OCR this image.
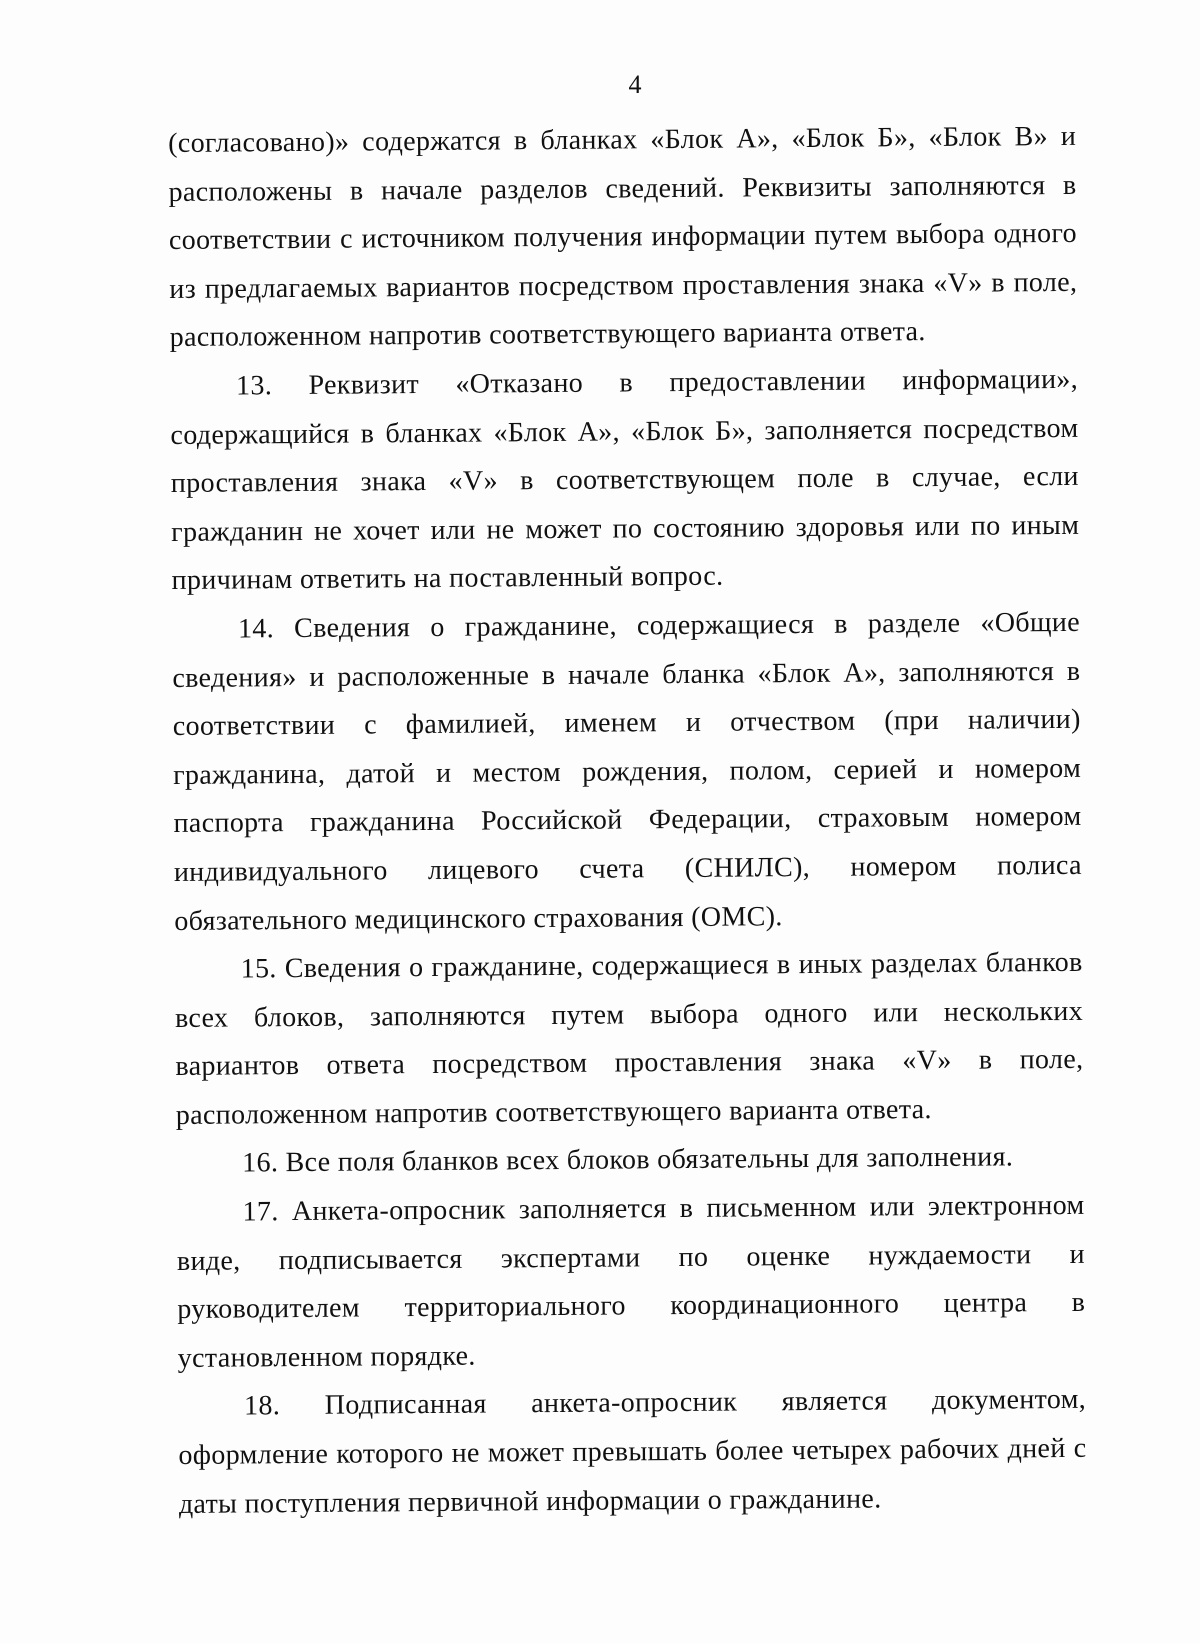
4

(согласовано)» содержатся в бланках «Блок А», «Блок Б», «Блок В» и расположены в начале разделов сведений. Реквизиты заполняются в соответствии с источником получения информации путем выбора одного из предлагаемых вариантов посредством проставления знака «V» в поле, расположенном напротив соответствующего варианта ответа.

13. Реквизит «Отказано в предоставлении информации», содержащийся в бланках «Блок А», «Блок Б», заполняется посредством проставления знака «V» в соответствующем поле в случае, если гражданин не хочет или не может по состоянию здоровья или по иным причинам ответить на поставленный вопрос.

14. Сведения о гражданине, содержащиеся в разделе «Общие сведения» и расположенные в начале бланка «Блок А», заполняются в соответствии с фамилией, именем и отчеством (при наличии) гражданина, датой и местом рождения, полом, серией и номером паспорта гражданина Российской Федерации, страховым номером индивидуального лицевого счета (СНИЛС), номером полиса обязательного медицинского страхования (ОМС).

15. Сведения о гражданине, содержащиеся в иных разделах бланков всех блоков, заполняются путем выбора одного или нескольких вариантов ответа посредством проставления знака «V» в поле, расположенном напротив соответствующего варианта ответа.

16. Все поля бланков всех блоков обязательны для заполнения.

17. Анкета-опросник заполняется в письменном или электронном виде, подписывается экспертами по оценке нуждаемости и руководителем территориального координационного центра в установленном порядке.

18. Подписанная анкета-опросник является документом, оформление которого не может превышать более четырех рабочих дней с даты поступления первичной информации о гражданине.
